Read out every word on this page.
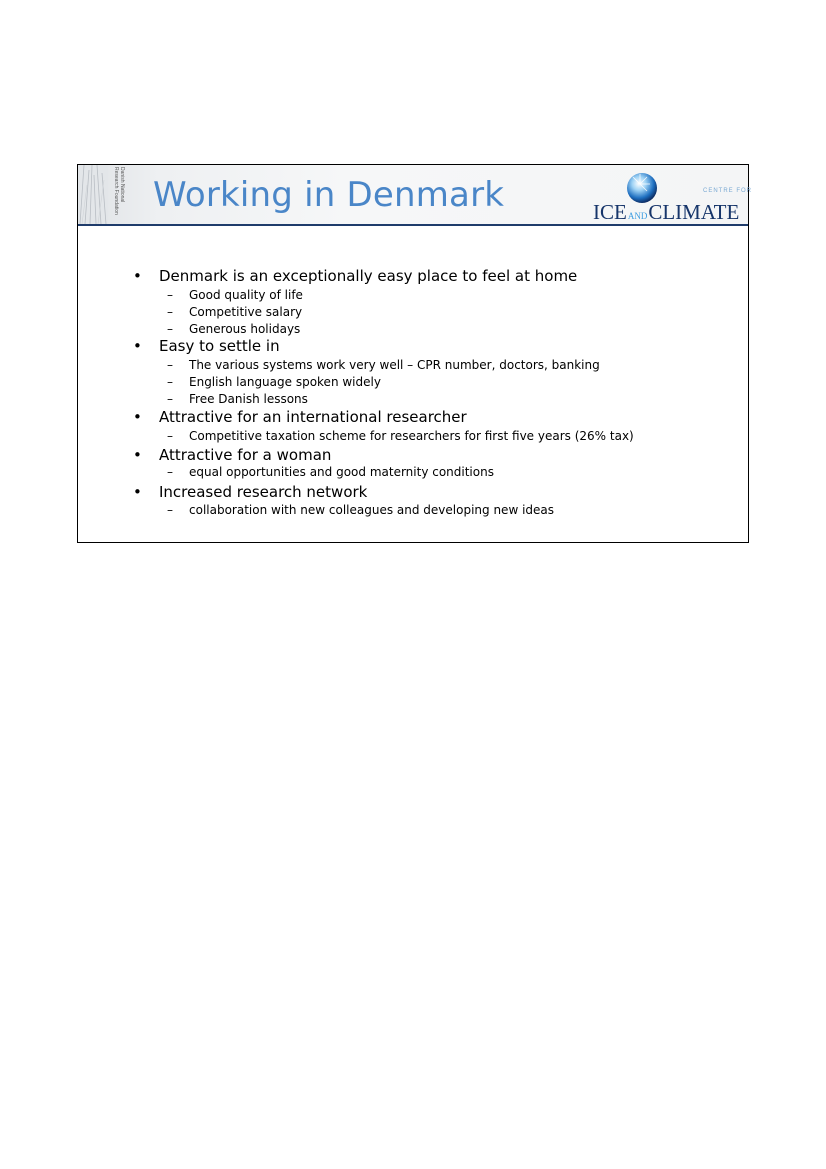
Danish National
Research Foundation Working in Denmark	CENTRE FOR
ICEANDCLIMATE
• Denmark is an exceptionally easy place to feel at home
– Good quality of life
– Competitive salary
– Generous holidays
• Easy to settle in
– The various systems work very well – CPR number, doctors, banking
– English language spoken widely
– Free Danish lessons
• Attractive for an international researcher
– Competitive taxation scheme for researchers for first five years (26% tax)
• Attractive for a woman
– equal opportunities and good maternity conditions
• Increased research network
– collaboration with new colleagues and developing new ideas
